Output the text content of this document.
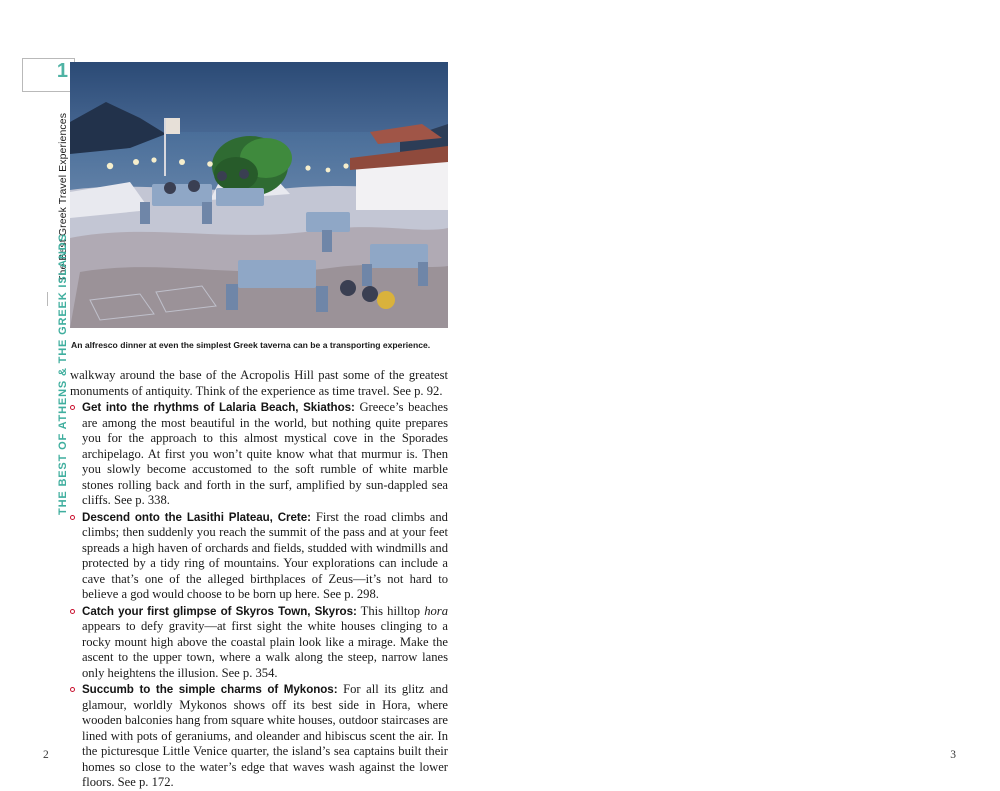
1
The Best Greek Travel Experiences
THE BEST OF ATHENS & THE GREEK ISLANDS An alfresco dinner at even the simplest Greek taverna can be a transporting experience.

walkway around the base of the Acropolis Hill past some of the greatest monuments of antiquity. Think of the experience as time travel. See p. 92.

Get into the rhythms of Lalaria Beach, Skiathos: Greece’s beaches are among the most beautiful in the world, but nothing quite prepares you for the approach to this almost mystical cove in the Sporades archipelago. At first you won’t quite know what that murmur is. Then you slowly become accustomed to the soft rumble of white marble stones rolling back and forth in the surf, amplified by sun-dappled sea cliffs. See p. 338.

Descend onto the Lasithi Plateau, Crete: First the road climbs and climbs; then suddenly you reach the summit of the pass and at your feet spreads a high haven of orchards and fields, studded with windmills and protected by a tidy ring of mountains. Your explorations can include a cave that’s one of the alleged birthplaces of Zeus—it’s not hard to believe a god would choose to be born up here. See p. 298.

Catch your first glimpse of Skyros Town, Skyros: This hilltop hora appears to defy gravity—at first sight the white houses clinging to a rocky mount high above the coastal plain look like a mirage. Make the ascent to the upper town, where a walk along the steep, narrow lanes only heightens the illusion. See p. 354.

Succumb to the simple charms of Mykonos: For all its glitz and glamour, worldly Mykonos shows off its best side in Hora, where wooden balconies hang from square white houses, outdoor staircases are lined with pots of geraniums, and oleander and hibiscus scent the air. In the picturesque Little Venice quarter, the island’s sea captains built their homes so close to the water’s edge that waves wash against the lower floors. See p. 172.

2	3
